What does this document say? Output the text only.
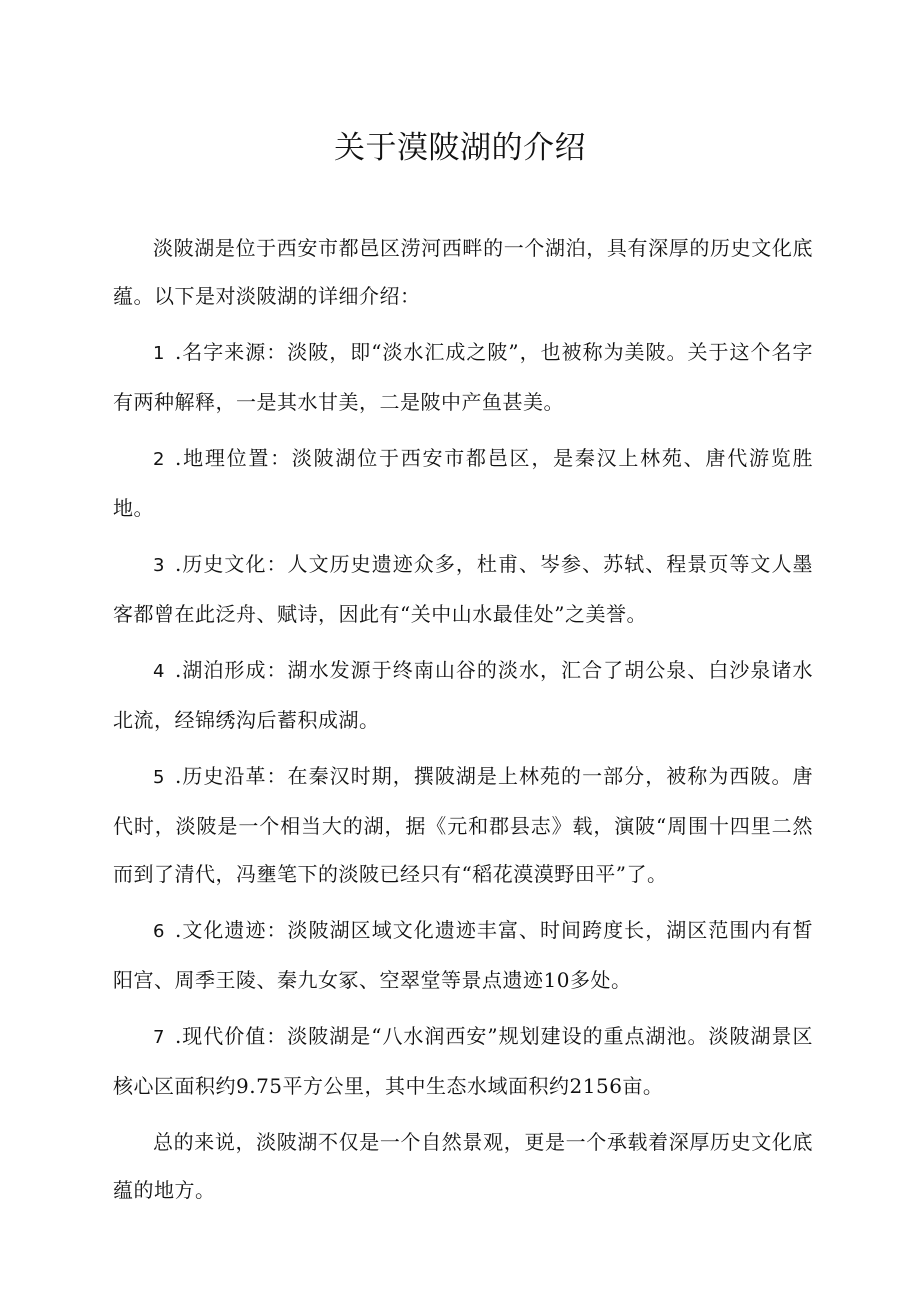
关于漠陂湖的介绍

淡陂湖是位于西安市都邑区涝河西畔的一个湖泊，具有深厚的历史文化底蕴。以下是对淡陂湖的详细介绍：

1 .名字来源：淡陂，即“淡水汇成之陂”，也被称为美陂。关于这个名字有两种解释，一是其水甘美，二是陂中产鱼甚美。

2 .地理位置：淡陂湖位于西安市都邑区，是秦汉上林苑、唐代游览胜地。

3 .历史文化：人文历史遗迹众多，杜甫、岑参、苏轼、程景页等文人墨客都曾在此泛舟、赋诗，因此有“关中山水最佳处”之美誉。

4 .湖泊形成：湖水发源于终南山谷的淡水，汇合了胡公泉、白沙泉诸水北流，经锦绣沟后蓄积成湖。

5 .历史沿革：在秦汉时期，撰陂湖是上林苑的一部分，被称为西陂。唐代时，淡陂是一个相当大的湖，据《元和郡县志》载，演陂“周围十四里二然而到了清代，冯壅笔下的淡陂已经只有“稻花漠漠野田平”了。

6 .文化遗迹：淡陂湖区域文化遗迹丰富、时间跨度长，湖区范围内有皙阳宫、周季王陵、秦九女冢、空翠堂等景点遗迹10多处。

7 .现代价值：淡陂湖是“八水润西安”规划建设的重点湖池。淡陂湖景区核心区面积约9.75平方公里，其中生态水域面积约2156亩。

总的来说，淡陂湖不仅是一个自然景观，更是一个承载着深厚历史文化底蕴的地方。
